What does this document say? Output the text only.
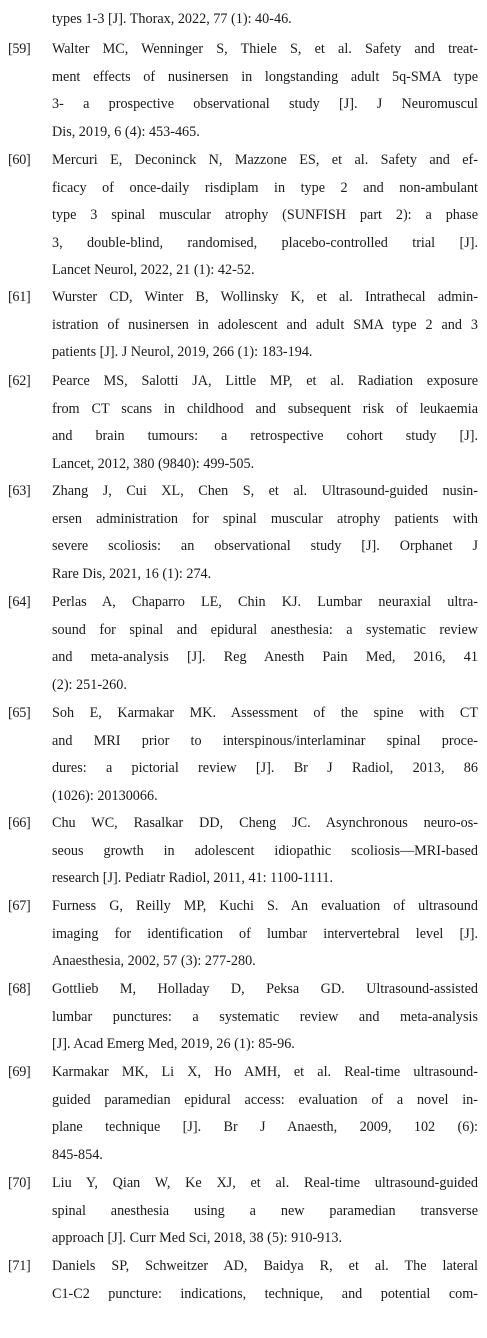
types 1-3 [J]. Thorax, 2022, 77 (1): 40-46.
[59] Walter MC, Wenninger S, Thiele S, et al. Safety and treat-
ment effects of nusinersen in longstanding adult 5q-SMA type
3- a prospective observational study [J]. J Neuromuscul
Dis, 2019, 6 (4): 453-465.
[60] Mercuri E, Deconinck N, Mazzone ES, et al. Safety and ef-
ficacy of once-daily risdiplam in type 2 and non-ambulant
type 3 spinal muscular atrophy (SUNFISH part 2): a phase
3, double-blind, randomised, placebo-controlled trial [J].
Lancet Neurol, 2022, 21 (1): 42-52.
[61] Wurster CD, Winter B, Wollinsky K, et al. Intrathecal admin-
istration of nusinersen in adolescent and adult SMA type 2 and 3
patients [J]. J Neurol, 2019, 266 (1): 183-194.
[62] Pearce MS, Salotti JA, Little MP, et al. Radiation exposure
from CT scans in childhood and subsequent risk of leukaemia
and brain tumours: a retrospective cohort study [J].
Lancet, 2012, 380 (9840): 499-505.
[63] Zhang J, Cui XL, Chen S, et al. Ultrasound-guided nusin-
ersen administration for spinal muscular atrophy patients with
severe scoliosis: an observational study [J]. Orphanet J
Rare Dis, 2021, 16 (1): 274.
[64] Perlas A, Chaparro LE, Chin KJ. Lumbar neuraxial ultra-
sound for spinal and epidural anesthesia: a systematic review
and meta-analysis [J]. Reg Anesth Pain Med, 2016, 41
(2): 251-260.
[65] Soh E, Karmakar MK. Assessment of the spine with CT
and MRI prior to interspinous/interlaminar spinal proce-
dures: a pictorial review [J]. Br J Radiol, 2013, 86
(1026): 20130066.
[66] Chu WC, Rasalkar DD, Cheng JC. Asynchronous neuro-os-
seous growth in adolescent idiopathic scoliosis—MRI-based
research [J]. Pediatr Radiol, 2011, 41: 1100-1111.
[67] Furness G, Reilly MP, Kuchi S. An evaluation of ultrasound
imaging for identification of lumbar intervertebral level [J].
Anaesthesia, 2002, 57 (3): 277-280.
[68] Gottlieb M, Holladay D, Peksa GD. Ultrasound-assisted
lumbar punctures: a systematic review and meta-analysis
[J]. Acad Emerg Med, 2019, 26 (1): 85-96.
[69] Karmakar MK, Li X, Ho AMH, et al. Real-time ultrasound-
guided paramedian epidural access: evaluation of a novel in-
plane technique [J]. Br J Anaesth, 2009, 102 (6):
845-854.
[70] Liu Y, Qian W, Ke XJ, et al. Real-time ultrasound-guided
spinal anesthesia using a new paramedian transverse
approach [J]. Curr Med Sci, 2018, 38 (5): 910-913.
[71] Daniels SP, Schweitzer AD, Baidya R, et al. The lateral
C1-C2 puncture: indications, technique, and potential com-
